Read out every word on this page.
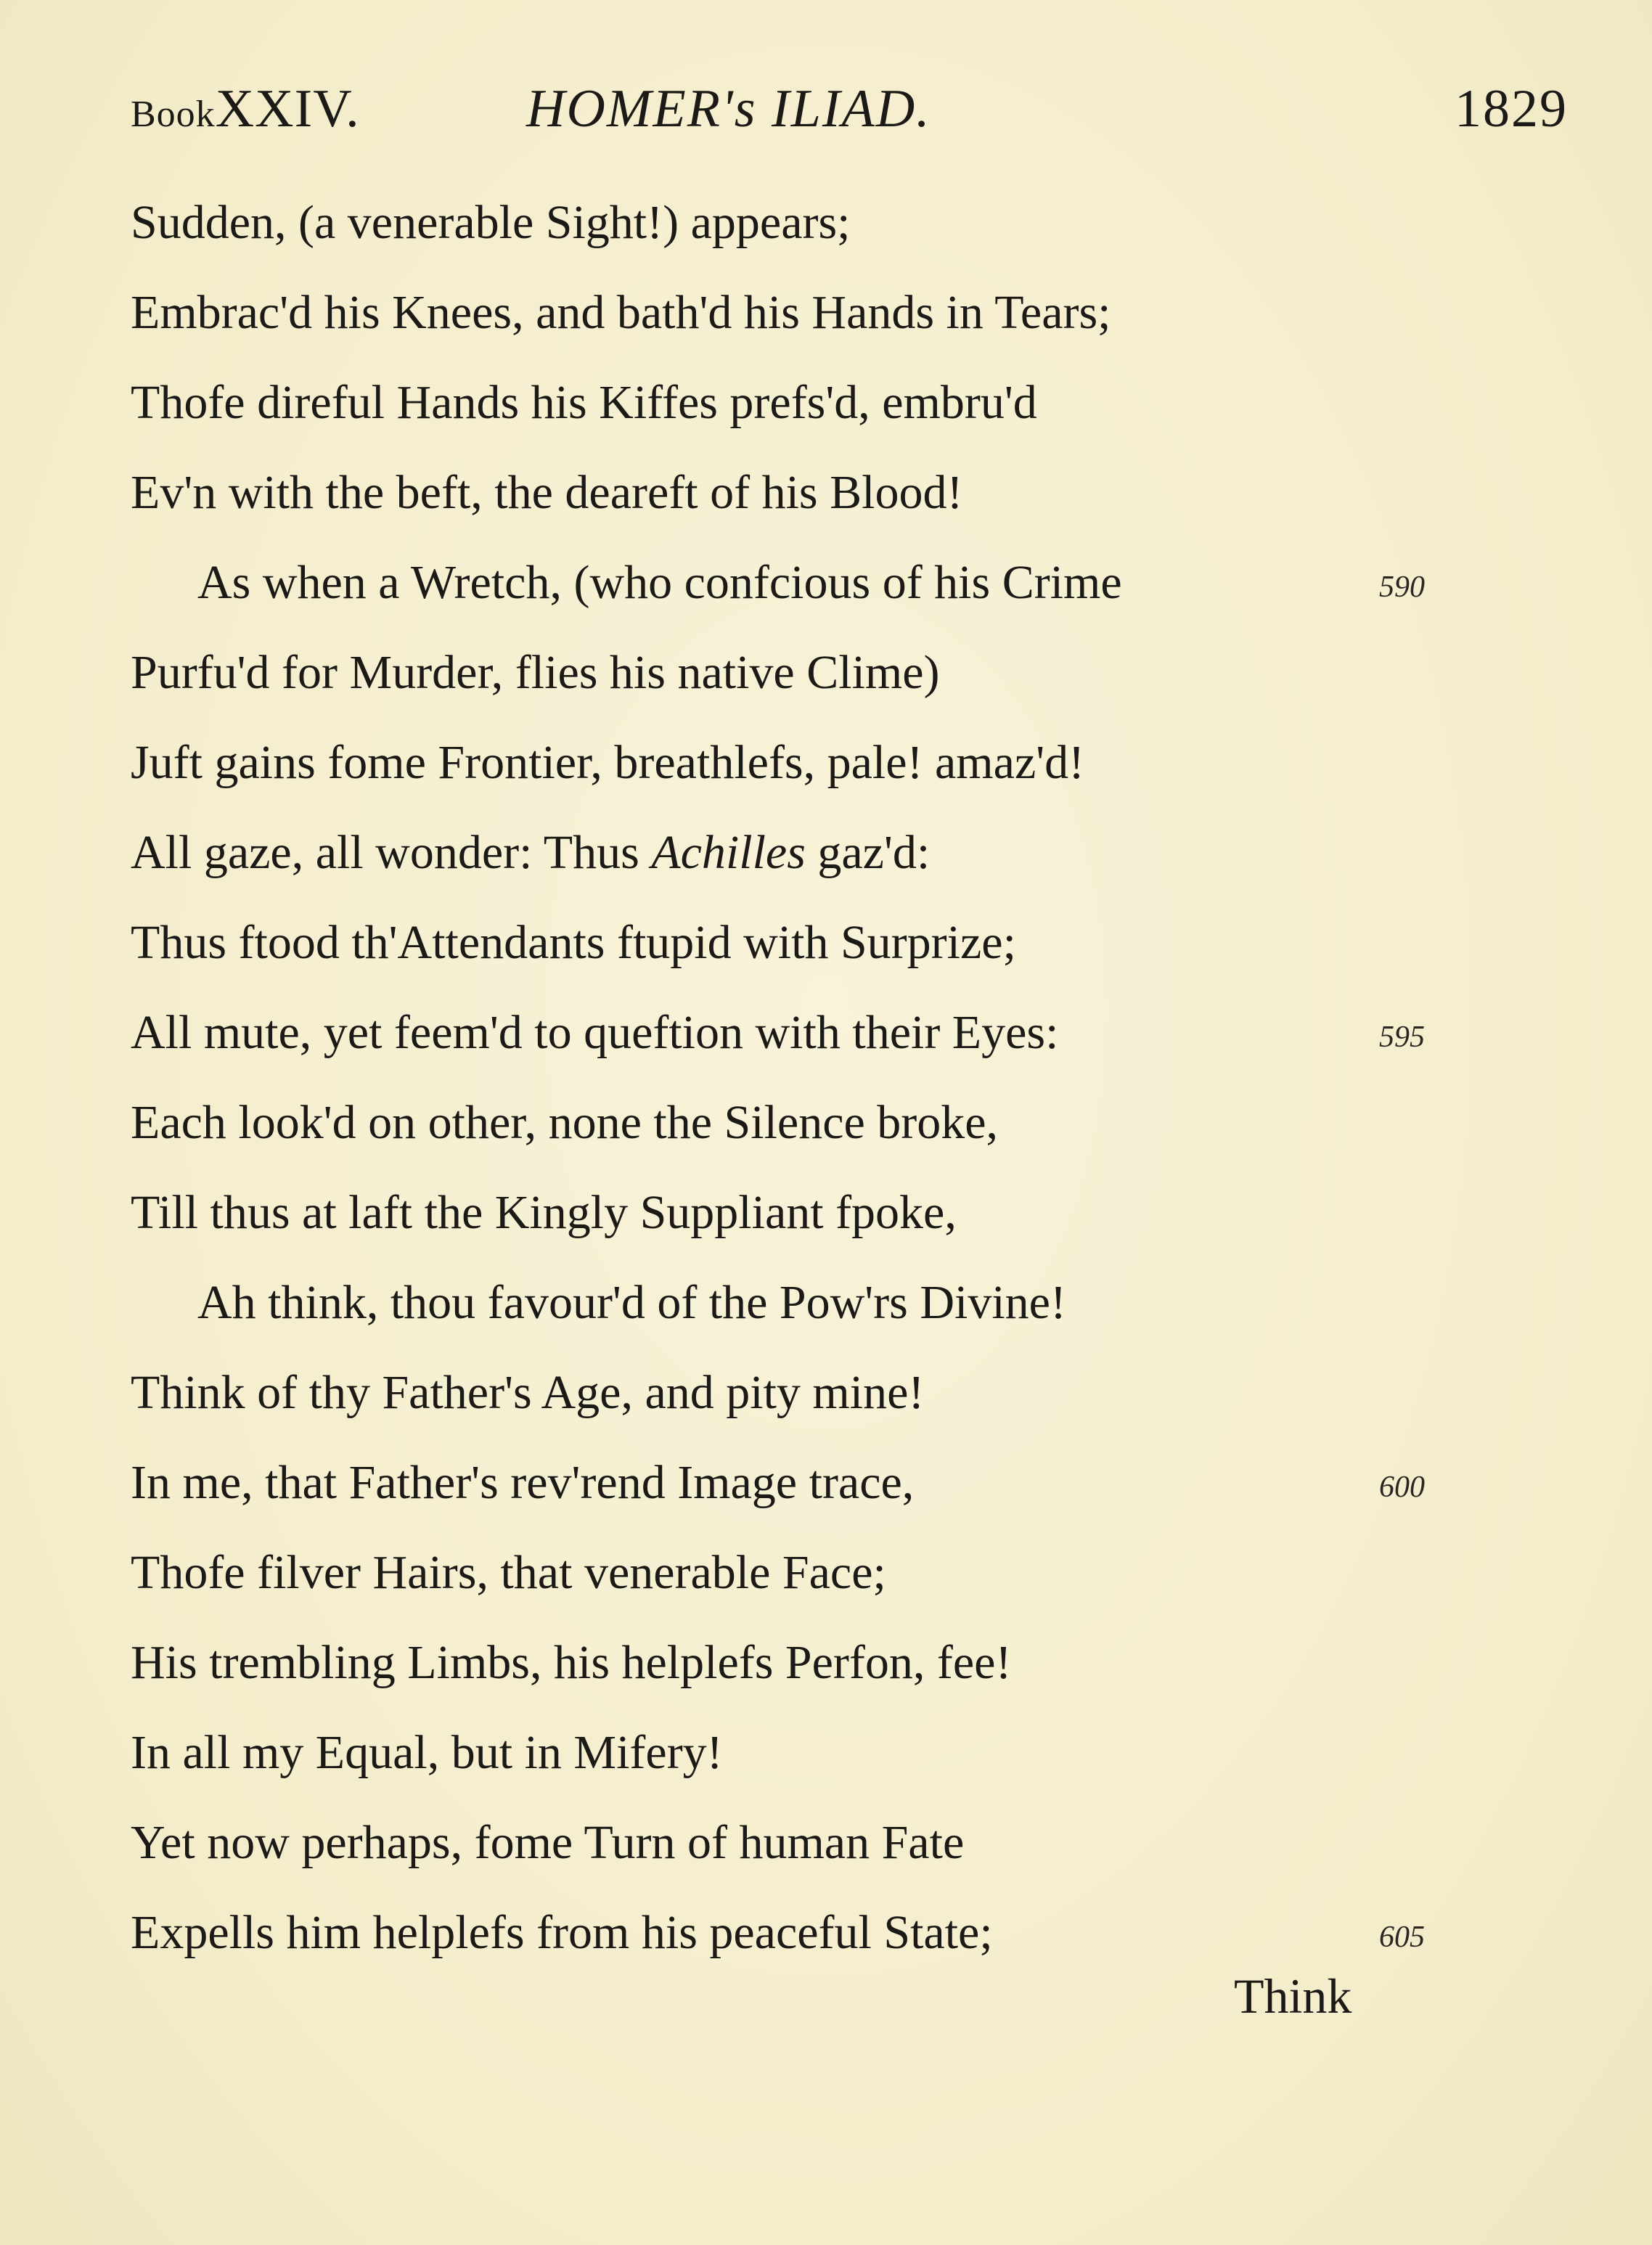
BookXXIV.	HOMER's ILIAD.	1829
Sudden, (a venerable Sight!) appears;
Embrac'd his Knees, and bath'd his Hands in Tears;
Thofe direful Hands his Kiffes prefs'd, embru'd
Ev'n with the beft, the deareft of his Blood!
As when a Wretch, (who confcious of his Crime	590
Purfu'd for Murder, flies his native Clime)
Juft gains fome Frontier, breathlefs, pale! amaz'd!
All gaze, all wonder: Thus Achilles gaz'd:
Thus ftood th'Attendants ftupid with Surprize;
All mute, yet feem'd to queftion with their Eyes:	595
Each look'd on other, none the Silence broke,
Till thus at laft the Kingly Suppliant fpoke,
Ah think, thou favour'd of the Pow'rs Divine!
Think of thy Father's Age, and pity mine!
In me, that Father's rev'rend Image trace,	600
Thofe filver Hairs, that venerable Face;
His trembling Limbs, his helplefs Perfon, fee!
In all my Equal, but in Mifery!
Yet now perhaps, fome Turn of human Fate
Expells him helplefs from his peaceful State;	605
Think
